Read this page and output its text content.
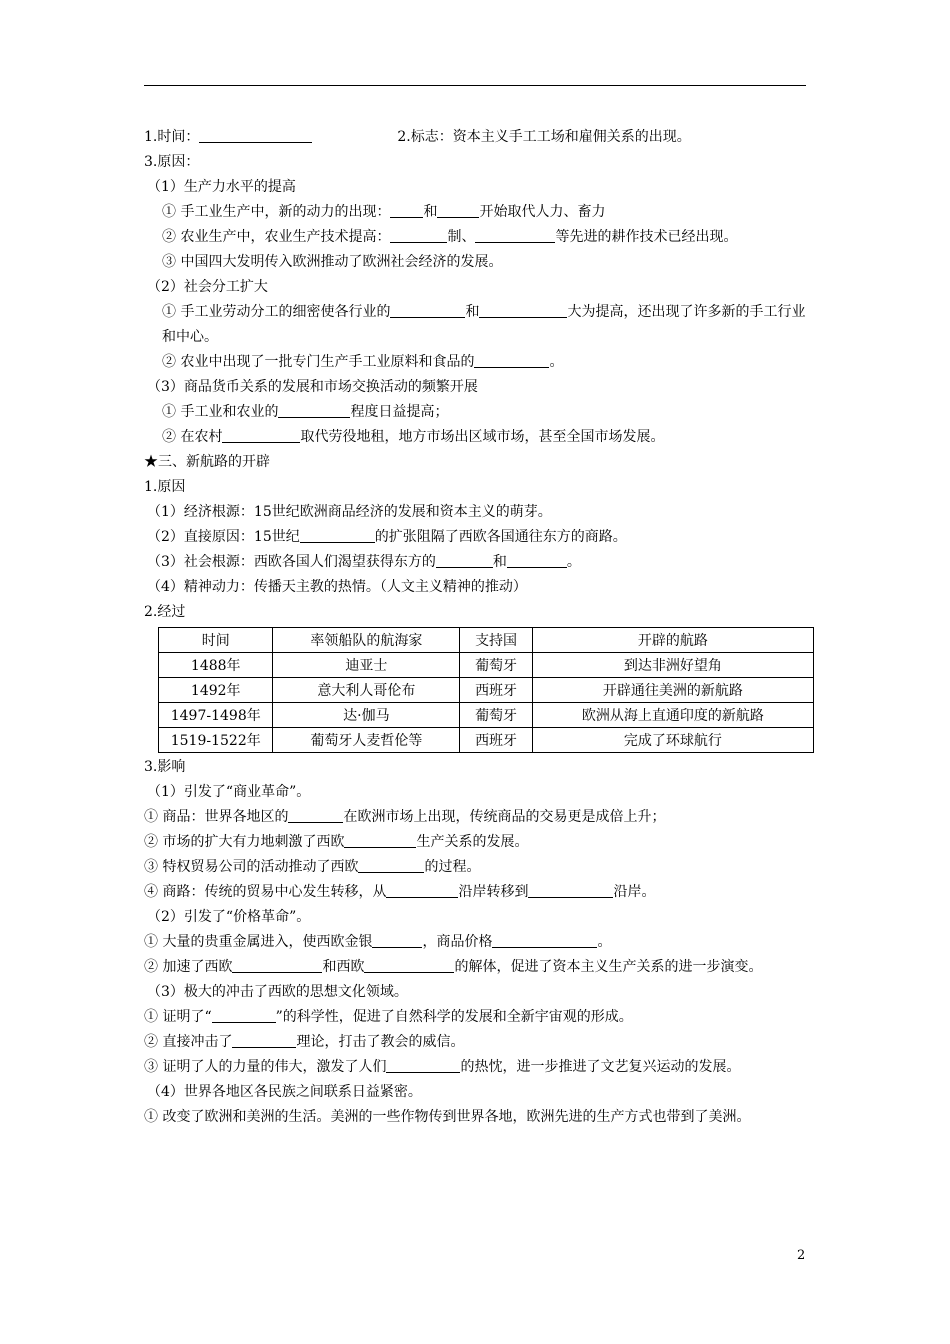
1.时间：	2.标志：资本主义手工工场和雇佣关系的出现。
3.原因：
（1）生产力水平的提高
① 手工业生产中，新的动力的出现： 和	开始取代人力、畜力
② 农业生产中，农业生产技术提高：	制、	等先进的耕作技术已经出现。
③ 中国四大发明传入欧洲推动了欧洲社会经济的发展。
（2）社会分工扩大
① 手工业劳动分工的细密使各行业的	和	大为提高，还出现了许多新的手工行业和中心。
② 农业中出现了一批专门生产手工业原料和食品的	。
（3）商品货币关系的发展和市场交换活动的频繁开展
① 手工业和农业的	程度日益提高；
② 在农村	取代劳役地租，地方市场出区域市场，甚至全国市场发展。
★三、新航路的开辟
1.原因
（1）经济根源：15世纪欧洲商品经济的发展和资本主义的萌芽。
（2）直接原因：15世纪	的扩张阻隔了西欧各国通往东方的商路。
（3）社会根源：西欧各国人们渴望获得东方的	和	。
（4）精神动力：传播天主教的热情。（人文主义精神的推动）
2.经过
时间	率领船队的航海家	支持国	开辟的航路
1488年	迪亚士	葡萄牙	到达非洲好望角
1492年	意大利人哥伦布	西班牙	开辟通往美洲的新航路
1497-1498年	达·伽马	葡萄牙	欧洲从海上直通印度的新航路
1519-1522年	葡萄牙人麦哲伦等	西班牙	完成了环球航行
3.影响
（1）引发了“商业革命”。
① 商品：世界各地区的	在欧洲市场上出现，传统商品的交易更是成倍上升；
② 市场的扩大有力地刺激了西欧	生产关系的发展。
③ 特权贸易公司的活动推动了西欧	的过程。
④ 商路：传统的贸易中心发生转移，从	沿岸转移到	沿岸。
（2）引发了“价格革命”。
① 大量的贵重金属进入，使西欧金银	，商品价格	。
② 加速了西欧	和西欧	的解体，促进了资本主义生产关系的进一步演变。
（3）极大的冲击了西欧的思想文化领域。
① 证明了“	”的科学性，促进了自然科学的发展和全新宇宙观的形成。
② 直接冲击了	理论，打击了教会的威信。
③ 证明了人的力量的伟大，激发了人们	的热忱，进一步推进了文艺复兴运动的发展。
（4）世界各地区各民族之间联系日益紧密。
① 改变了欧洲和美洲的生活。美洲的一些作物传到世界各地，欧洲先进的生产方式也带到了美洲。
2
